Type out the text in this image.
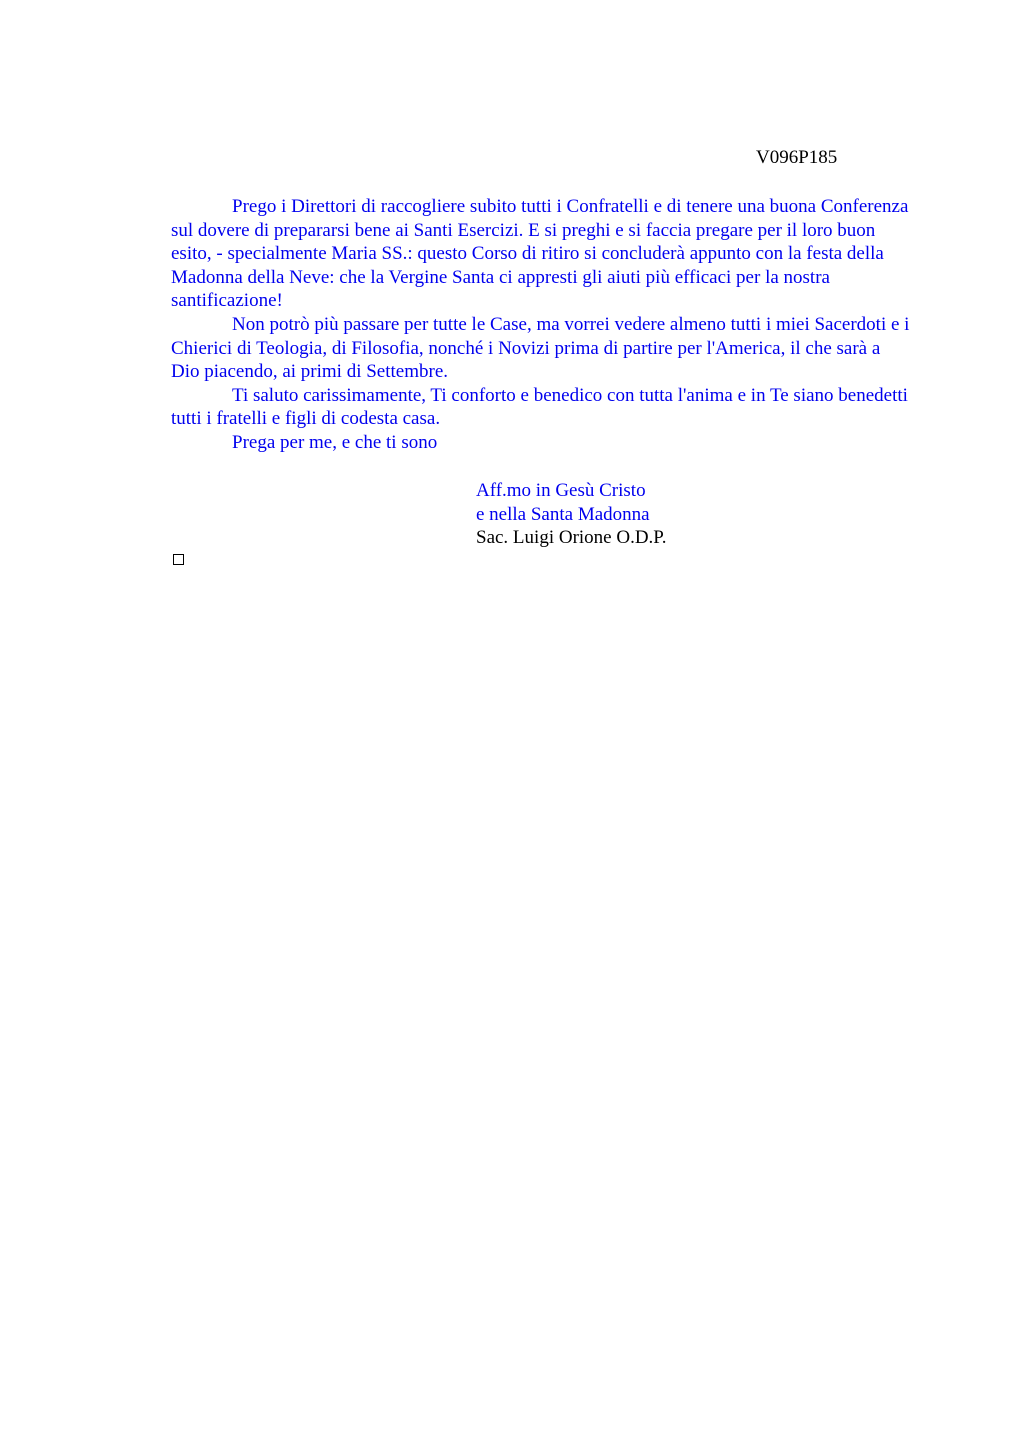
V096P185

Prego i Direttori di raccogliere subito tutti i Confratelli e di tenere una buona Conferenza sul dovere di prepararsi bene ai Santi Esercizi. E si preghi e si faccia pregare per il loro buon esito, - specialmente Maria SS.: questo Corso di ritiro si concluderà appunto con la festa della Madonna della Neve: che la Vergine Santa ci appresti gli aiuti più efficaci per la nostra santificazione!

Non potrò più passare per tutte le Case, ma vorrei vedere almeno tutti i miei Sacerdoti e i Chierici di Teologia, di Filosofia, nonché i Novizi prima di partire per l'America, il che sarà a Dio piacendo, ai primi di Settembre.

Ti saluto carissimamente, Ti conforto e benedico con tutta l'anima e in Te siano benedetti tutti i fratelli e figli di codesta casa.

Prega per me, e che ti sono

Aff.mo in Gesù Cristo
e nella Santa Madonna
Sac. Luigi Orione O.D.P.
